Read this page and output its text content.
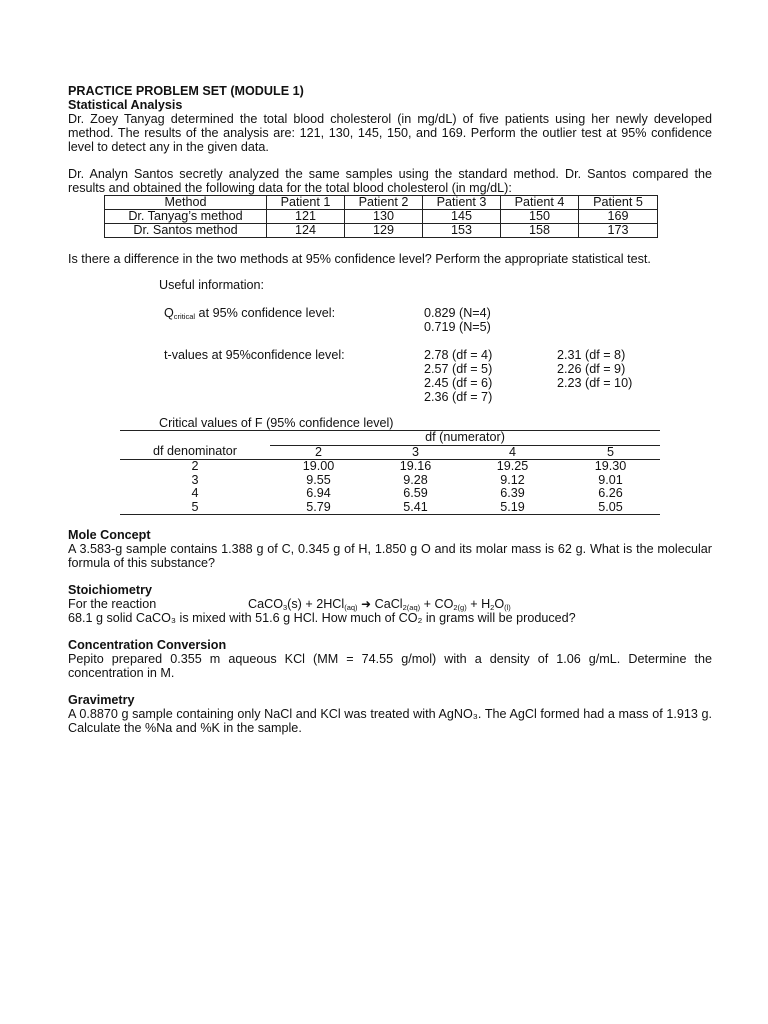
PRACTICE PROBLEM SET (MODULE 1)
Statistical Analysis
Dr. Zoey Tanyag determined the total blood cholesterol (in mg/dL) of five patients using her newly developed method. The results of the analysis are: 121, 130, 145, 150, and 169. Perform the outlier test at 95% confidence level to detect any in the given data.
Dr. Analyn Santos secretly analyzed the same samples using the standard method. Dr. Santos compared the results and obtained the following data for the total blood cholesterol (in mg/dL):
Method	Patient 1	Patient 2	Patient 3	Patient 4	Patient 5
Dr. Tanyag’s method	121	130	145	150	169
Dr. Santos method	124	129	153	158	173
Is there a difference in the two methods at 95% confidence level? Perform the appropriate statistical test.
Useful information:
$Q_{critical}$ at 95% confidence level:	0.829 (N=4)
0.719 (N=5)
t-values at 95%confidence level:	2.78 (df = 4)
2.57 (df = 5)
2.45 (df = 6)
2.36 (df = 7)
2.31 (df = 8)
2.26 (df = 9)
2.23 (df = 10)
Critical values of F (95% confidence level)
	df (numerator)			
df denominator	2	3	4	5
2	19.00	19.16	19.25	19.30
3	9.55	9.28	9.12	9.01
4	6.94	6.59	6.39	6.26
5	5.79	5.41	5.19	5.05
Mole Concept
A 3.583-g sample contains 1.388 g of C, 0.345 g of H, 1.850 g O and its molar mass is 62 g. What is the molecular formula of this substance?
Stoichiometry
For the reaction	CaCO$_3$(s) + 2HCl$_{(aq)}$ ➜ CaCl$_{2(aq)}$ + $CO_{2(g)} + H_2O_{(l)}$
68.1 g solid CaCO₃ is mixed with 51.6 g HCl. How much of CO₂ in grams will be produced?
Concentration Conversion
Pepito prepared 0.355 m aqueous KCl (MM = 74.55 g/mol) with a density of 1.06 g/mL. Determine the concentration in M.
Gravimetry
A 0.8870 g sample containing only NaCl and KCl was treated with AgNO₃. The AgCl formed had a mass of 1.913 g. Calculate the %Na and %K in the sample.
